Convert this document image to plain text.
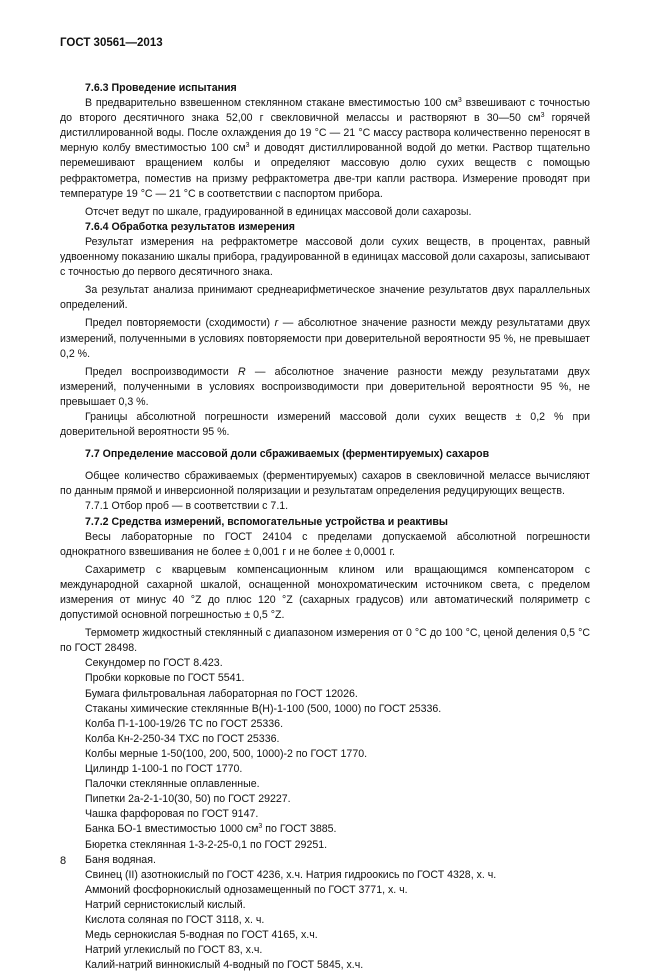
ГОСТ 30561—2013

7.6.3 Проведение испытания

В предварительно взвешенном стеклянном стакане вместимостью 100 $см^3$ взвешивают с точностью до второго десятичного знака 52,00 г свекловичной мелассы и растворяют в 30—50 $см^3$ горячей дистиллированной воды. После охлаждения до 19 °С — 21 °С массу раствора количественно переносят в мерную колбу вместимостью 100 $см^3$ и доводят дистиллированной водой до метки. Раствор тщательно перемешивают вращением колбы и определяют массовую долю сухих веществ с помощью рефрактометра, поместив на призму рефрактометра две-три капли раствора. Измерение проводят при температуре 19 °С — 21 °С в соответствии с паспортом прибора.

Отсчет ведут по шкале, градуированной в единицах массовой доли сахарозы.

7.6.4 Обработка результатов измерения

Результат измерения на рефрактометре массовой доли сухих веществ, в процентах, равный удвоенному показанию шкалы прибора, градуированной в единицах массовой доли сахарозы, записывают с точностью до первого десятичного знака.

За результат анализа принимают среднеарифметическое значение результатов двух параллельных определений.

Предел повторяемости (сходимости) r — абсолютное значение разности между результатами двух измерений, полученными в условиях повторяемости при доверительной вероятности 95 %, не превышает 0,2 %.

Предел воспроизводимости R — абсолютное значение разности между результатами двух измерений, полученными в условиях воспроизводимости при доверительной вероятности 95 %, не превышает 0,3 %.

Границы абсолютной погрешности измерений массовой доли сухих веществ ± 0,2 % при доверительной вероятности 95 %.

7.7 Определение массовой доли сбраживаемых (ферментируемых) сахаров

Общее количество сбраживаемых (ферментируемых) сахаров в свекловичной мелассе вычисляют по данным прямой и инверсионной поляризации и результатам определения редуцирующих веществ.

7.7.1 Отбор проб — в соответствии с 7.1.

7.7.2 Средства измерений, вспомогательные устройства и реактивы

Весы лабораторные по ГОСТ 24104 с пределами допускаемой абсолютной погрешности однократного взвешивания не более ± 0,001 г и не более ± 0,0001 г.

Сахариметр с кварцевым компенсационным клином или вращающимся компенсатором с международной сахарной шкалой, оснащенной монохроматическим источником света, с пределом измерения от минус 40 °Z до плюс 120 °Z (сахарных градусов) или автоматический поляриметр с допустимой основной погрешностью ± 0,5 °Z.

Термометр жидкостный стеклянный с диапазоном измерения от 0 °С до 100 °С, ценой деления 0,5 °С по ГОСТ 28498.

Секундомер по ГОСТ 8.423.

Пробки корковые по ГОСТ 5541.

Бумага фильтровальная лабораторная по ГОСТ 12026.

Стаканы химические стеклянные В(Н)-1-100 (500, 1000) по ГОСТ 25336.

Колба П-1-100-19/26 ТС по ГОСТ 25336.

Колба Кн-2-250-34 ТХС по ГОСТ 25336.

Колбы мерные 1-50(100, 200, 500, 1000)-2 по ГОСТ 1770.

Цилиндр 1-100-1 по ГОСТ 1770.

Палочки стеклянные оплавленные.

Пипетки 2а-2-1-10(30, 50) по ГОСТ 29227.

Чашка фарфоровая по ГОСТ 9147.

Банка БО-1 вместимостью 1000 $см^3$ по ГОСТ 3885.

Бюретка стеклянная 1-3-2-25-0,1 по ГОСТ 29251.

Баня водяная.

Свинец (II) азотнокислый по ГОСТ 4236, х.ч. Натрия гидроокись по ГОСТ 4328, х. ч.

Аммоний фосфорнокислый однозамещенный по ГОСТ 3771, х. ч.

Натрий сернистокислый кислый.

Кислота соляная по ГОСТ 3118, х. ч.

Медь сернокислая 5-водная по ГОСТ 4165, х.ч.

Натрий углекислый по ГОСТ 83, х.ч.

Калий-натрий виннокислый 4-водный по ГОСТ 5845, х.ч.

8
